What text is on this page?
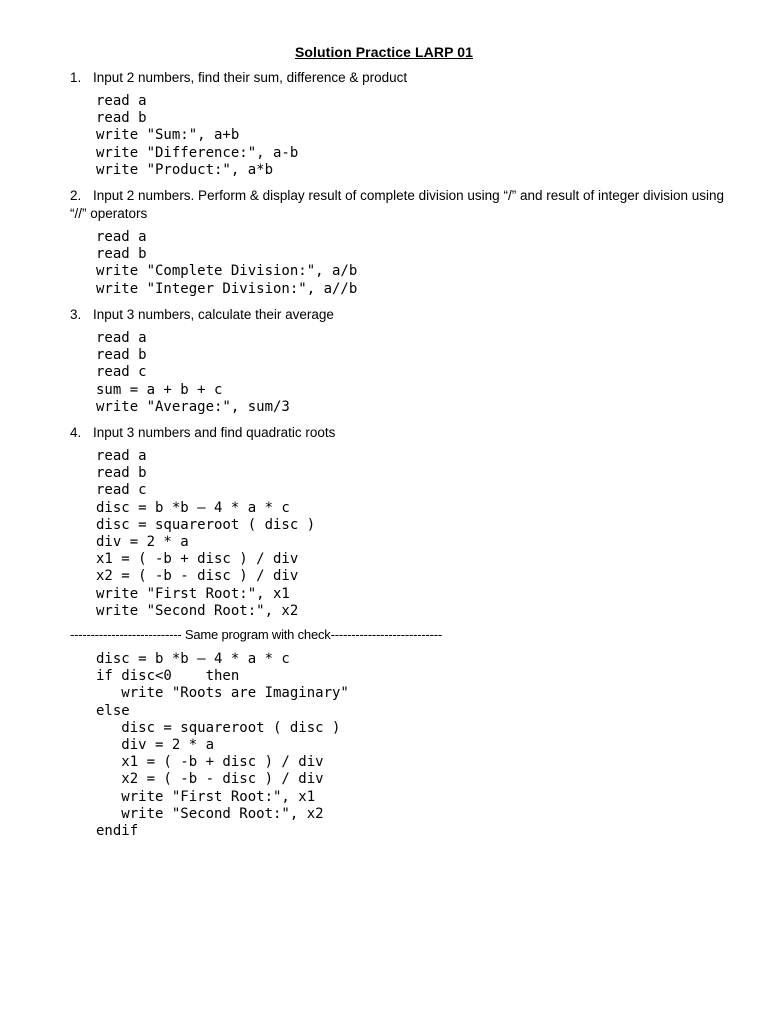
Solution Practice LARP 01
1. Input 2 numbers, find their sum, difference & product
read a
read b
write "Sum:", a+b
write "Difference:", a-b
write "Product:", a*b
2. Input 2 numbers. Perform & display result of complete division using “/” and result of integer division using “//” operators
read a
read b
write "Complete Division:", a/b
write "Integer Division:", a//b
3. Input 3 numbers, calculate their average
read a
read b
read c
sum = a + b + c
write "Average:", sum/3
4. Input 3 numbers and find quadratic roots
read a
read b
read c
disc = b *b – 4 * a * c
disc = squareroot ( disc )
div = 2 * a
x1 = ( -b + disc ) / div
x2 = ( -b - disc ) / div
write "First Root:", x1
write "Second Root:", x2
--------------------------- Same program with check---------------------------
disc = b *b – 4 * a * c
if disc<0    then
write "Roots are Imaginary"
else
disc = squareroot ( disc )
div = 2 * a
x1 = ( -b + disc ) / div
x2 = ( -b - disc ) / div
write "First Root:", x1
write "Second Root:", x2
endif
